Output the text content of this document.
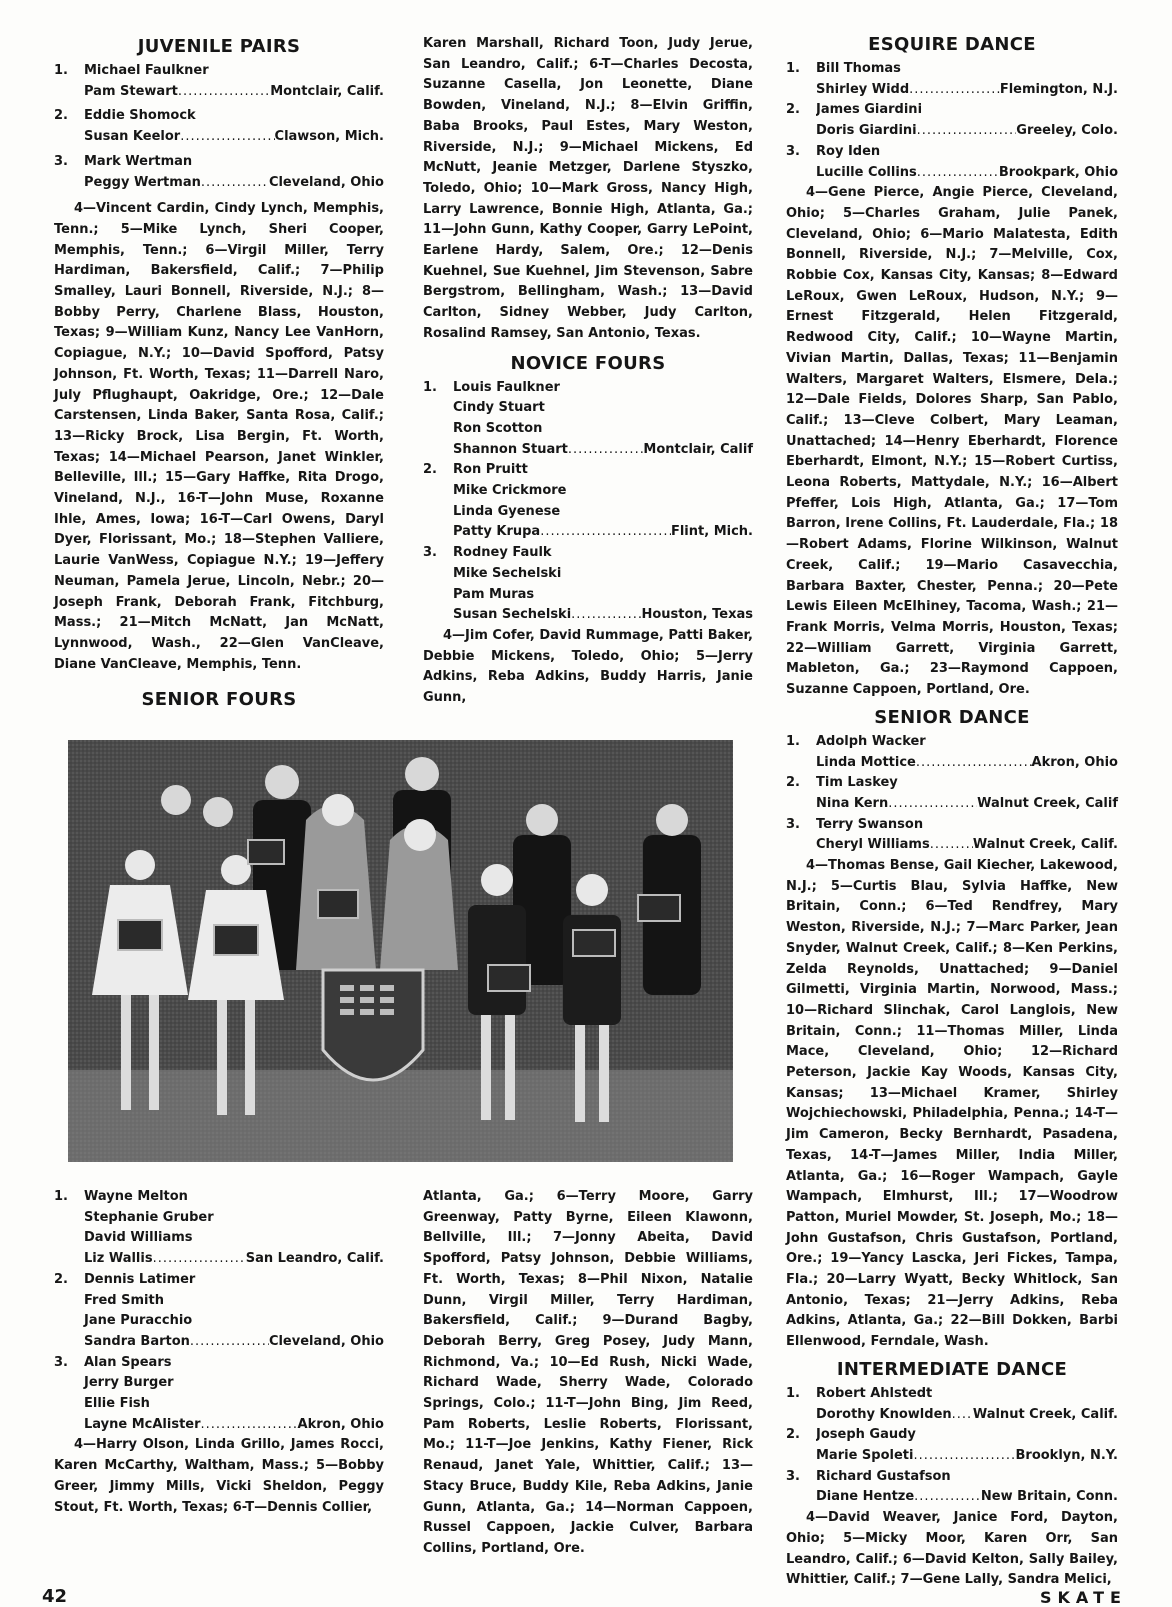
JUVENILE PAIRS
1.	Michael Faulkner
Pam Stewart .....	Montclair, Calif.
2.	Eddie Shomock
Susan Keelor .....	Clawson, Mich.
3.	Mark Wertman
Peggy Wertman .....	Cleveland, Ohio

4—Vincent Cardin, Cindy Lynch, Memphis, Tenn.; 5—Mike Lynch, Sheri Cooper, Memphis, Tenn.; 6—Virgil Miller, Terry Hardiman, Bakersfield, Calif.; 7—Philip Smalley, Lauri Bonnell, Riverside, N.J.; 8—Bobby Perry, Charlene Blass, Houston, Texas; 9—William Kunz, Nancy Lee VanHorn, Copiague, N.Y.; 10—David Spofford, Patsy Johnson, Ft. Worth, Texas; 11—Darrell Naro, July Pflughaupt, Oakridge, Ore.; 12—Dale Carstensen, Linda Baker, Santa Rosa, Calif.; 13—Ricky Brock, Lisa Bergin, Ft. Worth, Texas; 14—Michael Pearson, Janet Winkler, Belleville, Ill.; 15—Gary Haffke, Rita Drogo, Vineland, N.J., 16-T—John Muse, Roxanne Ihle, Ames, Iowa; 16-T—Carl Owens, Daryl Dyer, Florissant, Mo.; 18—Stephen Valliere, Laurie VanWess, Copiague N.Y.; 19—Jeffery Neuman, Pamela Jerue, Lincoln, Nebr.; 20—Joseph Frank, Deborah Frank, Fitchburg, Mass.; 21—Mitch McNatt, Jan McNatt, Lynnwood, Wash., 22—Glen VanCleave, Diane VanCleave, Memphis, Tenn.

SENIOR FOURS

Karen Marshall, Richard Toon, Judy Jerue, San Leandro, Calif.; 6-T—Charles Decosta, Suzanne Casella, Jon Leonette, Diane Bowden, Vineland, N.J.; 8—Elvin Griffin, Baba Brooks, Paul Estes, Mary Weston, Riverside, N.J.; 9—Michael Mickens, Ed McNutt, Jeanie Metzger, Darlene Styszko, Toledo, Ohio; 10—Mark Gross, Nancy High, Larry Lawrence, Bonnie High, Atlanta, Ga.; 11—John Gunn, Kathy Cooper, Garry LePoint, Earlene Hardy, Salem, Ore.; 12—Denis Kuehnel, Sue Kuehnel, Jim Stevenson, Sabre Bergstrom, Bellingham, Wash.; 13—David Carlton, Sidney Webber, Judy Carlton, Rosalind Ramsey, San Antonio, Texas.

NOVICE FOURS
1.	Louis Faulkner
Cindy Stuart
Ron Scotton
Shannon Stuart .....	Montclair, Calif
2.	Ron Pruitt
Mike Crickmore
Linda Gyenese
Patty Krupa .....	Flint, Mich.
3.	Rodney Faulk
Mike Sechelski
Pam Muras
Susan Sechelski .....	Houston, Texas

4—Jim Cofer, David Rummage, Patti Baker, Debbie Mickens, Toledo, Ohio; 5—Jerry Adkins, Reba Adkins, Buddy Harris, Janie Gunn,

ESQUIRE DANCE
1.	Bill Thomas
Shirley Widd .....	Flemington, N.J.
2.	James Giardini
Doris Giardini .....	Greeley, Colo.
3.	Roy Iden
Lucille Collins .....	Brookpark, Ohio

4—Gene Pierce, Angie Pierce, Cleveland, Ohio; 5—Charles Graham, Julie Panek, Cleveland, Ohio; 6—Mario Malatesta, Edith Bonnell, Riverside, N.J.; 7—Melville, Cox, Robbie Cox, Kansas City, Kansas; 8—Edward LeRoux, Gwen LeRoux, Hudson, N.Y.; 9—Ernest Fitzgerald, Helen Fitzgerald, Redwood City, Calif.; 10—Wayne Martin, Vivian Martin, Dallas, Texas; 11—Benjamin Walters, Margaret Walters, Elsmere, Dela.; 12—Dale Fields, Dolores Sharp, San Pablo, Calif.; 13—Cleve Colbert, Mary Leaman, Unattached; 14—Henry Eberhardt, Florence Eberhardt, Elmont, N.Y.; 15—Robert Curtiss, Leona Roberts, Mattydale, N.Y.; 16—Albert Pfeffer, Lois High, Atlanta, Ga.; 17—Tom Barron, Irene Collins, Ft. Lauderdale, Fla.; 18—Robert Adams, Florine Wilkinson, Walnut Creek, Calif.; 19—Mario Casavecchia, Barbara Baxter, Chester, Penna.; 20—Pete Lewis Eileen McElhiney, Tacoma, Wash.; 21—Frank Morris, Velma Morris, Houston, Texas; 22—William Garrett, Virginia Garrett, Mableton, Ga.; 23—Raymond Cappoen, Suzanne Cappoen, Portland, Ore.

SENIOR DANCE
1.	Adolph Wacker
Linda Mottice .....	Akron, Ohio
2.	Tim Laskey
Nina Kern .....	Walnut Creek, Calif
3.	Terry Swanson
Cheryl Williams .....	Walnut Creek, Calif.

4—Thomas Bense, Gail Kiecher, Lakewood, N.J.; 5—Curtis Blau, Sylvia Haffke, New Britain, Conn.; 6—Ted Rendfrey, Mary Weston, Riverside, N.J.; 7—Marc Parker, Jean Snyder, Walnut Creek, Calif.; 8—Ken Perkins, Zelda Reynolds, Unattached; 9—Daniel Gilmetti, Virginia Martin, Norwood, Mass.; 10—Richard Slinchak, Carol Langlois, New Britain, Conn.; 11—Thomas Miller, Linda Mace, Cleveland, Ohio; 12—Richard Peterson, Jackie Kay Woods, Kansas City, Kansas; 13—Michael Kramer, Shirley Wojchiechowski, Philadelphia, Penna.; 14-T—Jim Cameron, Becky Bernhardt, Pasadena, Texas, 14-T—James Miller, India Miller, Atlanta, Ga.; 16—Roger Wampach, Gayle Wampach, Elmhurst, Ill.; 17—Woodrow Patton, Muriel Mowder, St. Joseph, Mo.; 18—John Gustafson, Chris Gustafson, Portland, Ore.; 19—Yancy Lascka, Jeri Fickes, Tampa, Fla.; 20—Larry Wyatt, Becky Whitlock, San Antonio, Texas; 21—Jerry Adkins, Reba Adkins, Atlanta, Ga.; 22—Bill Dokken, Barbi Ellenwood, Ferndale, Wash.

INTERMEDIATE DANCE
1.	Robert Ahlstedt
Dorothy Knowlden ..... Walnut Creek, Calif.
2.	Joseph Gaudy
Marie Spoleti .....	Brooklyn, N.Y.
3.	Richard Gustafson
Diane Hentze .....	New Britain, Conn.

4—David Weaver, Janice Ford, Dayton, Ohio; 5—Micky Moor, Karen Orr, San Leandro, Calif.; 6—David Kelton, Sally Bailey, Whittier, Calif.; 7—Gene Lally, Sandra Melici,

1.	Wayne Melton
Stephanie Gruber
David Williams
Liz Wallis .....	San Leandro, Calif.
2.	Dennis Latimer
Fred Smith
Jane Puracchio
Sandra Barton .....	Cleveland, Ohio
3.	Alan Spears
Jerry Burger
Ellie Fish
Layne McAlister .....	Akron, Ohio

4—Harry Olson, Linda Grillo, James Rocci, Karen McCarthy, Waltham, Mass.; 5—Bobby Greer, Jimmy Mills, Vicki Sheldon, Peggy Stout, Ft. Worth, Texas; 6-T—Dennis Collier,

Atlanta, Ga.; 6—Terry Moore, Garry Greenway, Patty Byrne, Eileen Klawonn, Bellville, Ill.; 7—Jonny Abeita, David Spofford, Patsy Johnson, Debbie Williams, Ft. Worth, Texas; 8—Phil Nixon, Natalie Dunn, Virgil Miller, Terry Hardiman, Bakersfield, Calif.; 9—Durand Bagby, Deborah Berry, Greg Posey, Judy Mann, Richmond, Va.; 10—Ed Rush, Nicki Wade, Richard Wade, Sherry Wade, Colorado Springs, Colo.; 11-T—John Bing, Jim Reed, Pam Roberts, Leslie Roberts, Florissant, Mo.; 11-T—Joe Jenkins, Kathy Fiener, Rick Renaud, Janet Yale, Whittier, Calif.; 13—Stacy Bruce, Buddy Kile, Reba Adkins, Janie Gunn, Atlanta, Ga.; 14—Norman Cappoen, Russel Cappoen, Jackie Culver, Barbara Collins, Portland, Ore.

42	SKATE
